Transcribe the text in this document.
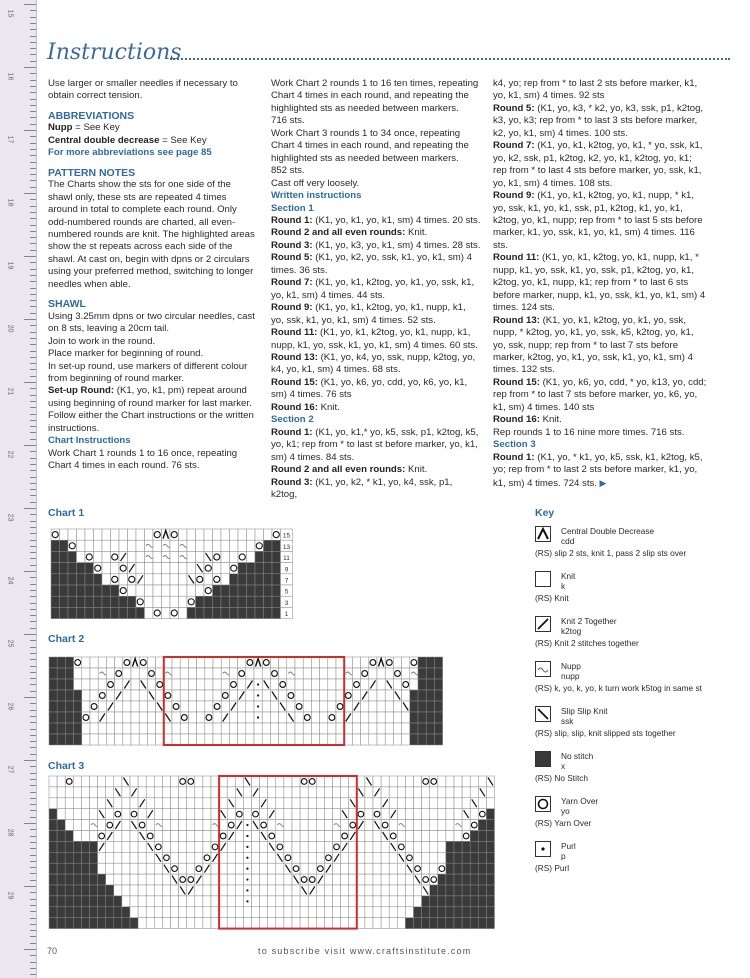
15
16
17
18
19
20
21
22
23
24
25
26
27
28
29
Instructions

Use larger or smaller needles if necessary to obtain correct tension.

ABBREVIATIONS

Nupp = See Key

Central double decrease = See Key

For more abbreviations see page 85

PATTERN NOTES

The Charts show the sts for one side of the shawl only, these sts are repeated 4 times around in total to complete each round. Only odd-numbered rounds are charted, all even-numbered rounds are knit. The highlighted areas show the st repeats across each side of the shawl. At cast on, begin with dpns or 2 circulars using your preferred method, switching to longer needles when able.

SHAWL

Using 3.25mm dpns or two circular needles, cast on 8 sts, leaving a 20cm tail.

Join to work in the round.

Place marker for beginning of round.

In set-up round, use markers of different colour from beginning of round marker.

Set-up Round: (K1, yo, k1, pm) repeat around using beginning of round marker for last marker.

Follow either the Chart instructions or the written instructions.

Chart Instructions

Work Chart 1 rounds 1 to 16 once, repeating Chart 4 times in each round. 76 sts.

Work Chart 2 rounds 1 to 16 ten times, repeating Chart 4 times in each round, and repeating the highlighted sts as needed between markers.

716 sts.

Work Chart 3 rounds 1 to 34 once, repeating Chart 4 times in each round, and repeating the highlighted sts as needed between markers.

852 sts.

Cast off very loosely.

Written instructions

Section 1

Round 1: (K1, yo, k1, yo, k1, sm) 4 times. 20 sts.

Round 2 and all even rounds: Knit.

Round 3: (K1, yo, k3, yo, k1, sm) 4 times. 28 sts.

Round 5: (K1, yo, k2, yo, ssk, k1, yo, k1, sm) 4 times. 36 sts.

Round 7: (K1, yo, k1, k2tog, yo, k1, yo, ssk, k1, yo, k1, sm) 4 times. 44 sts.

Round 9: (K1, yo, k1, k2tog, yo, k1, nupp, k1, yo, ssk, k1, yo, k1, sm) 4 times. 52 sts.

Round 11: (K1, yo, k1, k2tog, yo, k1, nupp, k1, nupp, k1, yo, ssk, k1, yo, k1, sm) 4 times. 60 sts.

Round 13: (K1, yo, k4, yo, ssk, nupp, k2tog, yo, k4, yo, k1, sm) 4 times. 68 sts.

Round 15: (K1, yo, k6, yo, cdd, yo, k6, yo, k1, sm) 4 times. 76 sts

Round 16: Knit.

Section 2

Round 1: (K1, yo, k1,* yo, k5, ssk, p1, k2tog, k5, yo, k1; rep from * to last st before marker, yo, k1, sm) 4 times. 84 sts.

Round 2 and all even rounds: Knit.

Round 3: (K1, yo, k2, * k1, yo, k4, ssk, p1, k2tog,

k4, yo; rep from * to last 2 sts before marker, k1, yo, k1, sm) 4 times. 92 sts

Round 5: (K1, yo, k3, * k2, yo, k3, ssk, p1, k2tog, k3, yo, k3; rep from * to last 3 sts before marker, k2, yo, k1, sm) 4 times. 100 sts.

Round 7: (K1, yo, k1, k2tog, yo, k1, * yo, ssk, k1, yo, k2, ssk, p1, k2tog, k2, yo, k1, k2tog, yo, k1; rep from * to last 4 sts before marker, yo, ssk, k1, yo, k1, sm) 4 times. 108 sts.

Round 9: (K1, yo, k1, k2tog, yo, k1, nupp, * k1, yo, ssk, k1, yo, k1, ssk, p1, k2tog, k1, yo, k1, k2tog, yo, k1, nupp; rep from * to last 5 sts before marker, k1, yo, ssk, k1, yo, k1, sm) 4 times. 116 sts.

Round 11: (K1, yo, k1, k2tog, yo, k1, nupp, k1, * nupp, k1, yo, ssk, k1, yo, ssk, p1, k2tog, yo, k1, k2tog, yo, k1, nupp, k1; rep from * to last 6 sts before marker, nupp, k1, yo, ssk, k1, yo, k1, sm) 4 times. 124 sts.

Round 13: (K1, yo, k1, k2tog, yo, k1, yo, ssk, nupp, * k2tog, yo, k1, yo, ssk, k5, k2tog, yo, k1, yo, ssk, nupp; rep from * to last 7 sts before marker, k2tog, yo, k1, yo, ssk, k1, yo, k1, sm) 4 times. 132 sts.

Round 15: (K1, yo, k6, yo, cdd, * yo, k13, yo, cdd; rep from * to last 7 sts before marker, yo, k6, yo, k1, sm) 4 times. 140 sts

Round 16: Knit.

Rep rounds 1 to 16 nine more times. 716 sts.

Section 3

Round 1: (K1, yo, * k1, yo, k5, ssk, k1, k2tog, k5, yo; rep from * to last 2 sts before marker, k1, yo, k1, sm) 4 times. 724 sts. ▶

Chart 1
15
13
11
9
7
5
3
1
Chart 2
Chart 3
Key
Central Double Decrease
cdd
(RS) slip 2 sts, knit 1, pass 2 slip sts over
Knit
k
(RS) Knit
Knit 2 Together
k2tog
(RS) Knit 2 stitches together
Nupp
nupp
(RS) k, yo, k, yo, k turn work k5tog in same st
Slip Slip Knit
ssk
(RS) slip, slip, knit slipped sts together
No stitch
x
(RS) No Stitch
Yarn Over
yo
(RS) Yarn Over
Purl
p
(RS) Purl
70	to subscribe visit www.craftsinstitute.com
